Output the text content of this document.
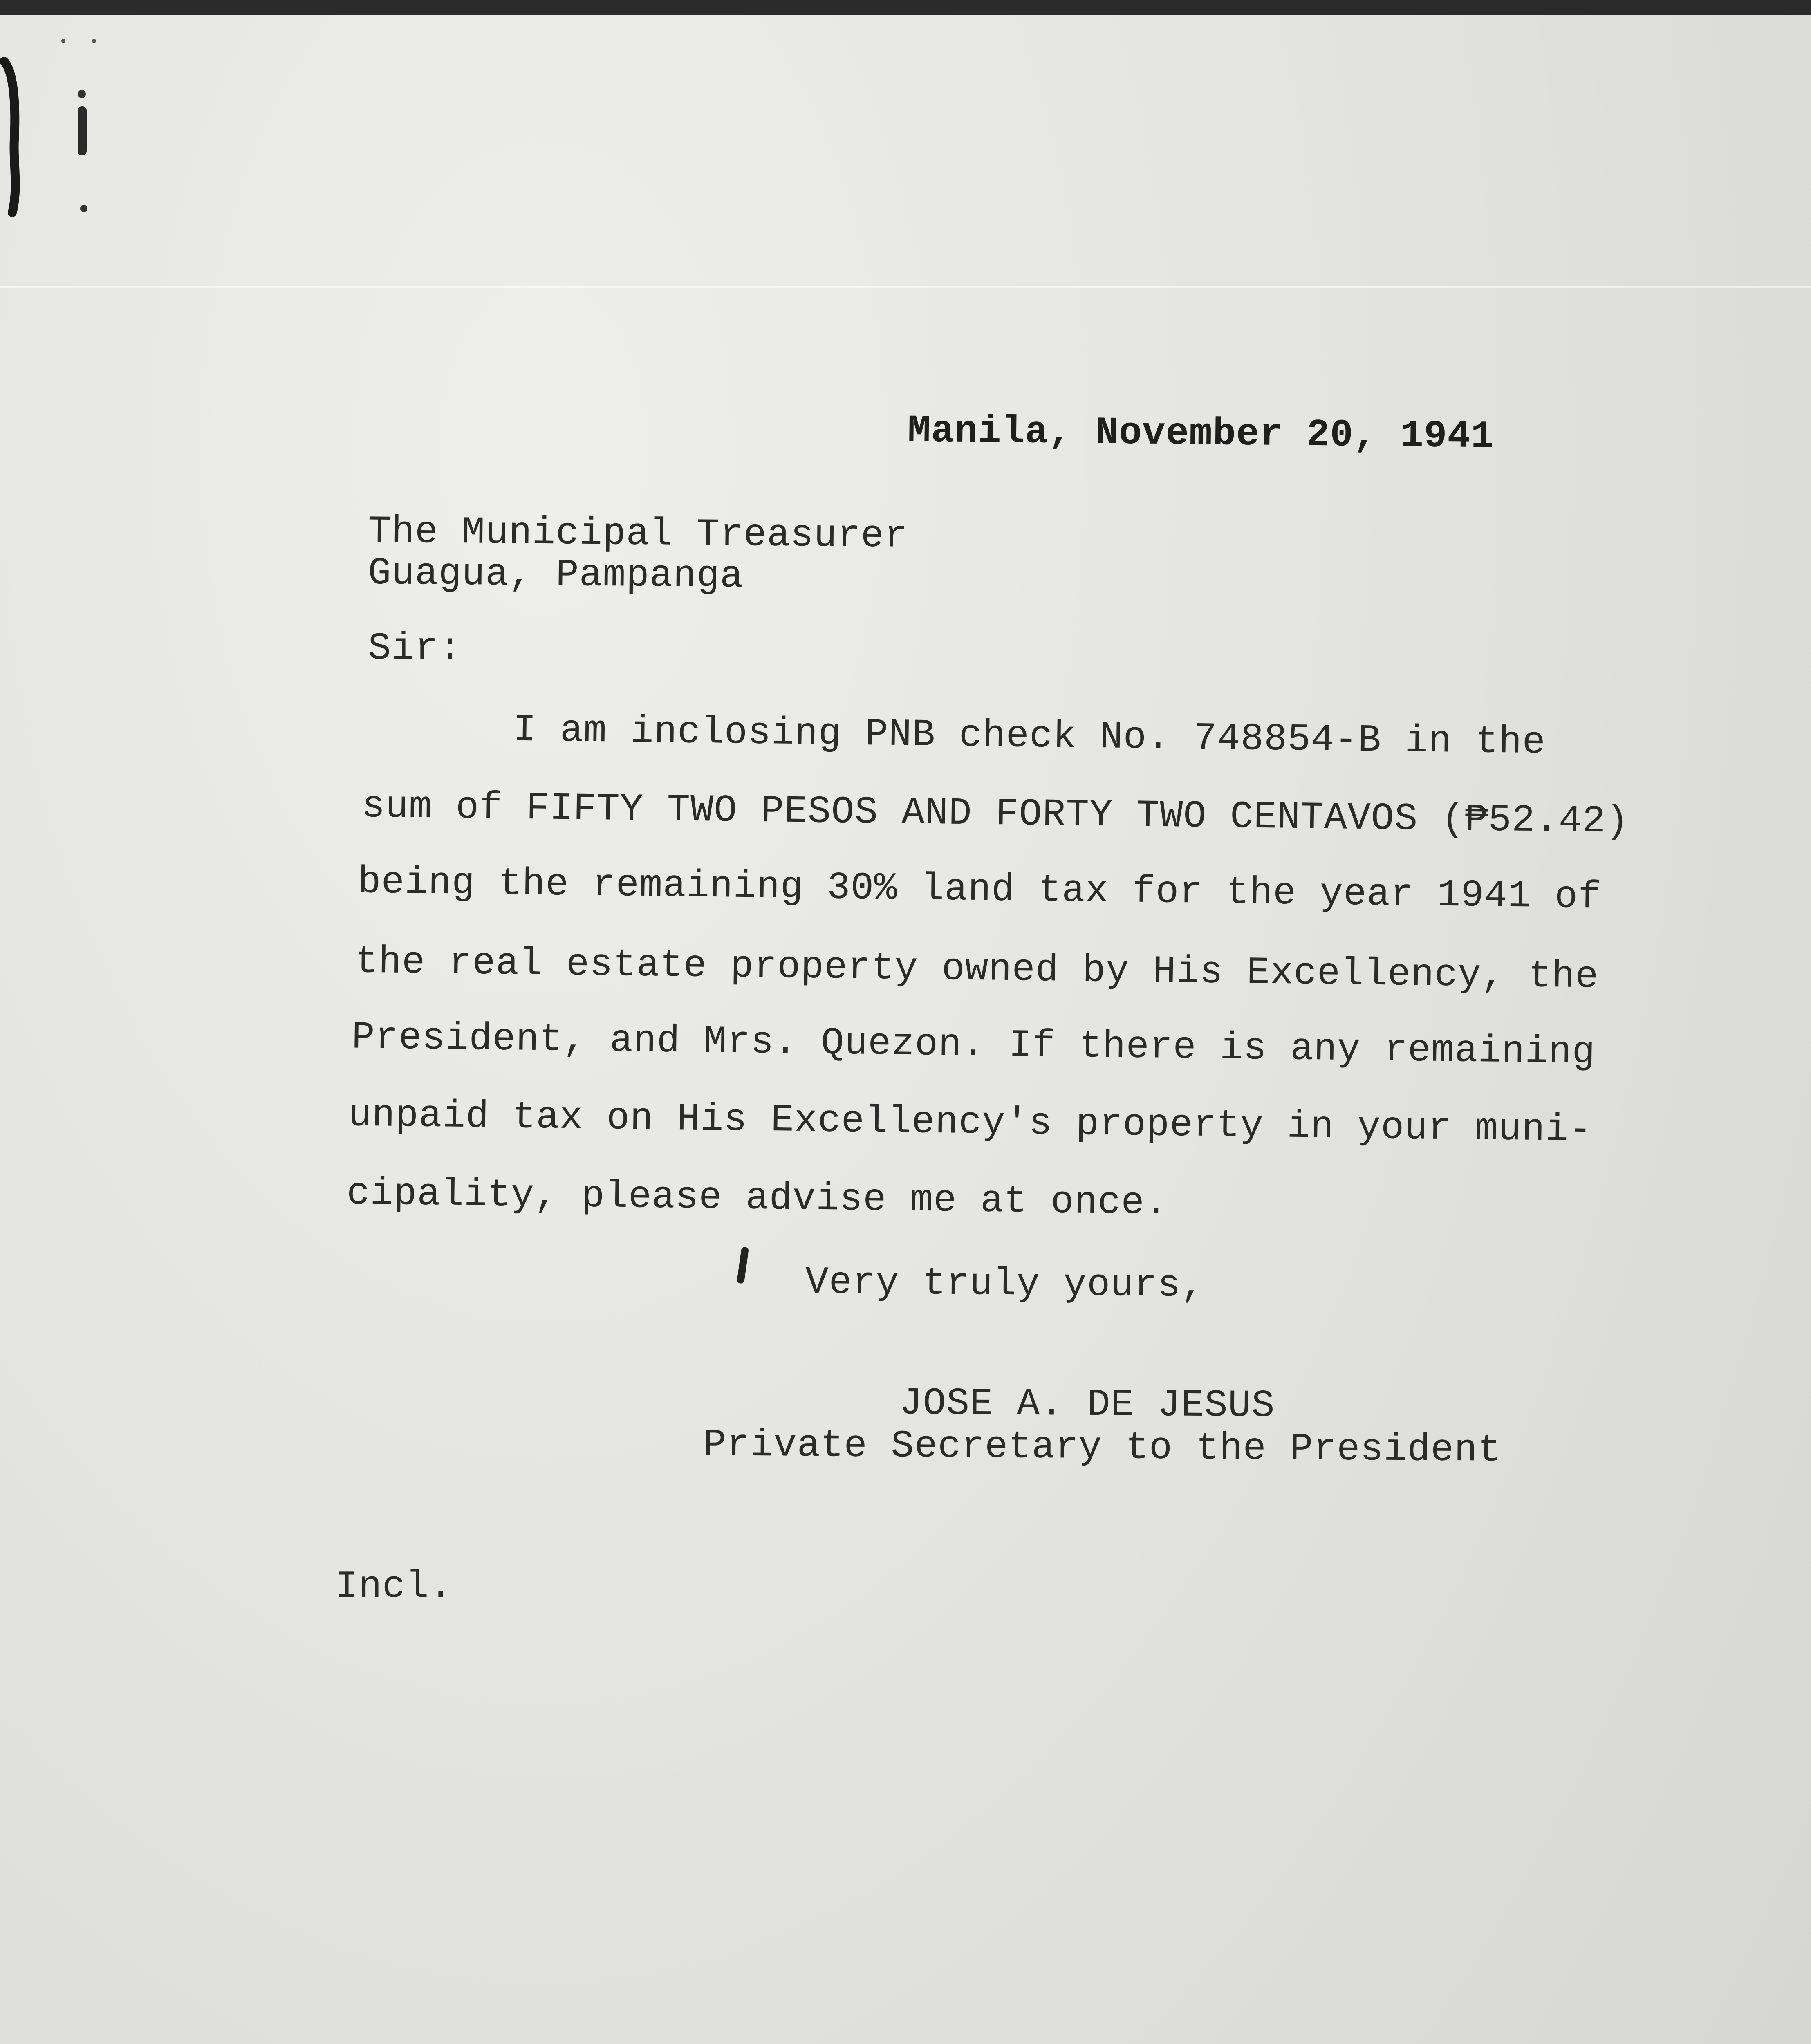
Manila, November 20, 1941
The Municipal Treasurer
Guagua, Pampanga
Sir:
I am inclosing PNB check No. 748854-B in the
sum of FIFTY TWO PESOS AND FORTY TWO CENTAVOS (₱52.42)
being the remaining 30% land tax for the year 1941 of
the real estate property owned by His Excellency, the
President, and Mrs. Quezon. If there is any remaining
unpaid tax on His Excellency's property in your muni-
cipality, please advise me at once.
Very truly yours,
JOSE A. DE JESUS
Private Secretary to the President
Incl.
